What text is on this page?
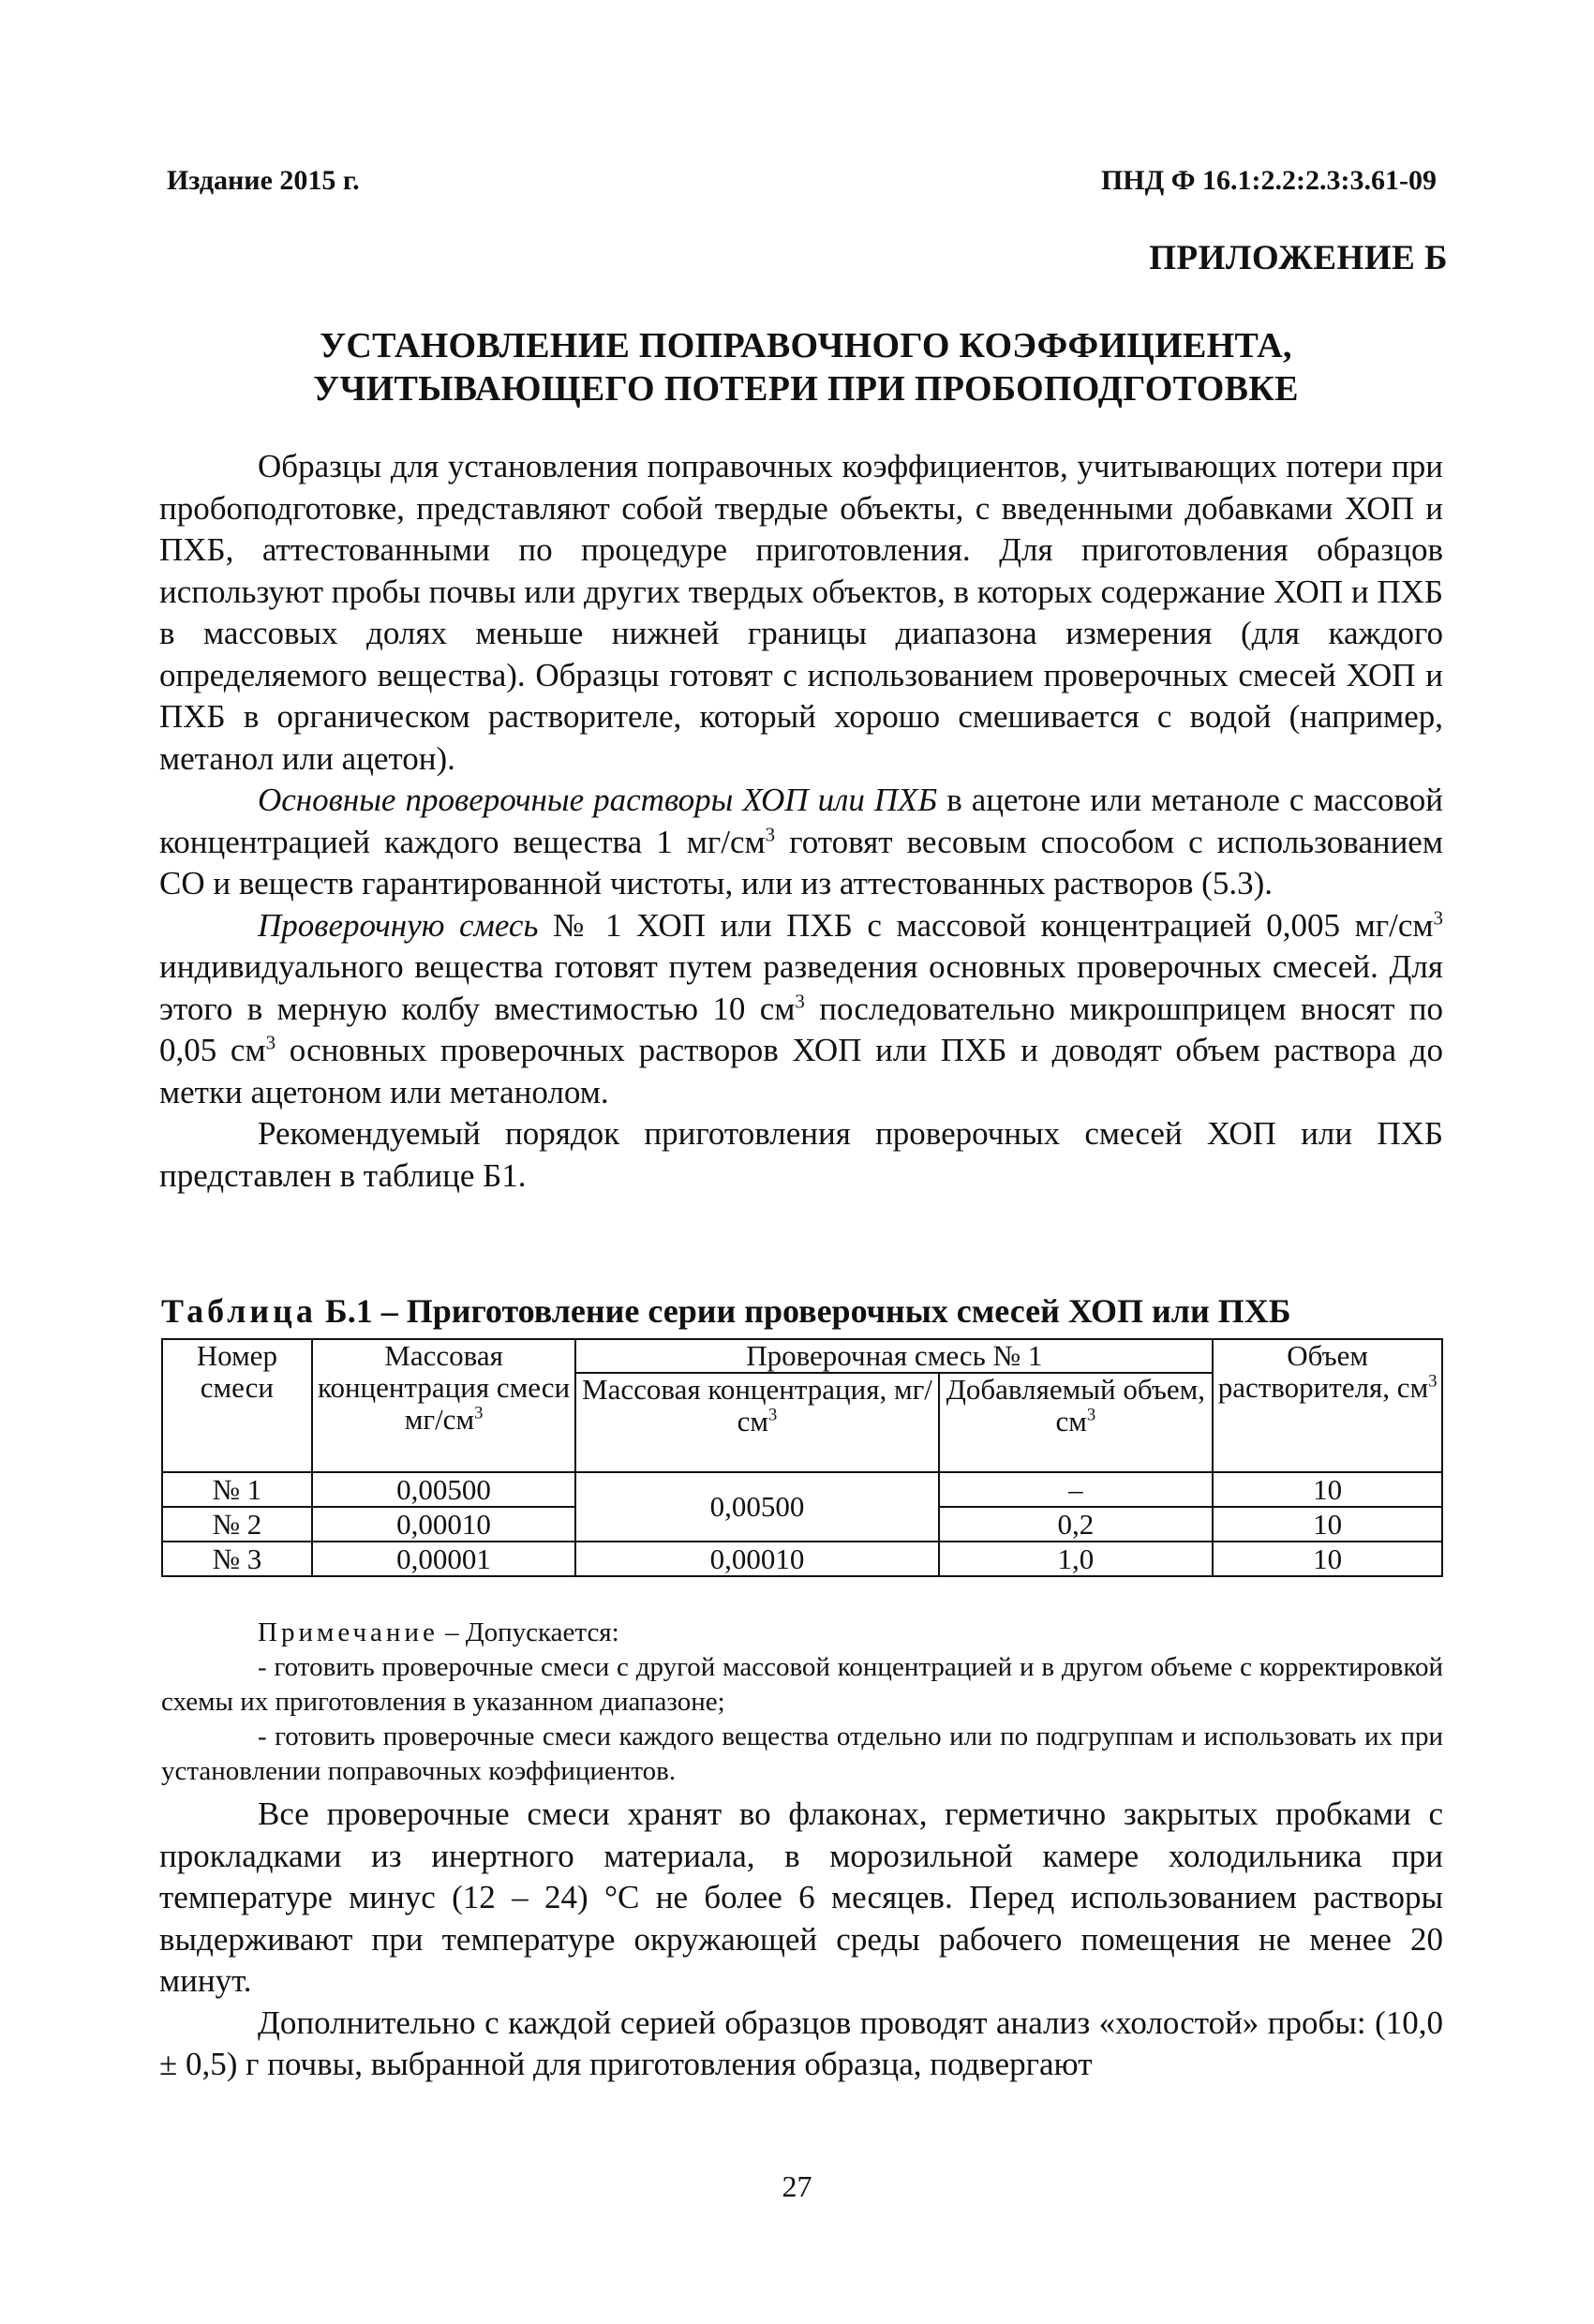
Издание 2015 г.	ПНД Ф 16.1:2.2:2.3:3.61-09
ПРИЛОЖЕНИЕ Б
УСТАНОВЛЕНИЕ ПОПРАВОЧНОГО КОЭФФИЦИЕНТА,
УЧИТЫВАЮЩЕГО ПОТЕРИ ПРИ ПРОБОПОДГОТОВКЕ

Образцы для установления поправочных коэффициентов, учитывающих потери при пробоподготовке, представляют собой твердые объекты, с введенными добавками ХОП и ПХБ, аттестованными по процедуре приготовления. Для приготовления образцов используют пробы почвы или других твердых объектов, в которых содержание ХОП и ПХБ в массовых долях меньше нижней границы диапазона измерения (для каждого определяемого вещества). Образцы готовят с использованием проверочных смесей ХОП и ПХБ в органическом растворителе, который хорошо смешивается с водой (например, метанол или ацетон).

Основные проверочные растворы ХОП или ПХБ в ацетоне или метаноле с массовой концентрацией каждого вещества 1 $мг/см^3$ готовят весовым способом с использованием СО и веществ гарантированной чистоты, или из аттестованных растворов (5.3).

Проверочную смесь № 1 ХОП или ПХБ с массовой концентрацией 0,005 $мг/см^3$ индивидуального вещества готовят путем разведения основных проверочных смесей. Для этого в мерную колбу вместимостью 10 $см^3$ последовательно микрошприцем вносят по 0,05 $см^3$ основных проверочных растворов ХОП или ПХБ и доводят объем раствора до метки ацетоном или метанолом.

Рекомендуемый порядок приготовления проверочных смесей ХОП или ПХБ представлен в таблице Б1.

Таблица Б.1 – Приготовление серии проверочных смесей ХОП или ПХБ
Номер смеси	Массовая концентрация смеси $мг/см^3$	Проверочная смесь № 1		Объем растворителя, $см^3$
		Массовая концентрация, $мг/см^3$	Добавляемый объем, $см^3$
№ 1	0,00500	0,00500	–	10
№ 2	0,00010		0,2	10
№ 3	0,00001	0,00010	1,0	10

Примечание – Допускается:

- готовить проверочные смеси с другой массовой концентрацией и в другом объеме с корректировкой схемы их приготовления в указанном диапазоне;

- готовить проверочные смеси каждого вещества отдельно или по подгруппам и использовать их при установлении поправочных коэффициентов.

Все проверочные смеси хранят во флаконах, герметично закрытых пробками с прокладками из инертного материала, в морозильной камере холодильника при температуре минус (12 – 24) °С не более 6 месяцев. Перед использованием растворы выдерживают при температуре окружающей среды рабочего помещения не менее 20 минут.

Дополнительно с каждой серией образцов проводят анализ «холостой» пробы: (10,0 ± 0,5) г почвы, выбранной для приготовления образца, подвергают

27
